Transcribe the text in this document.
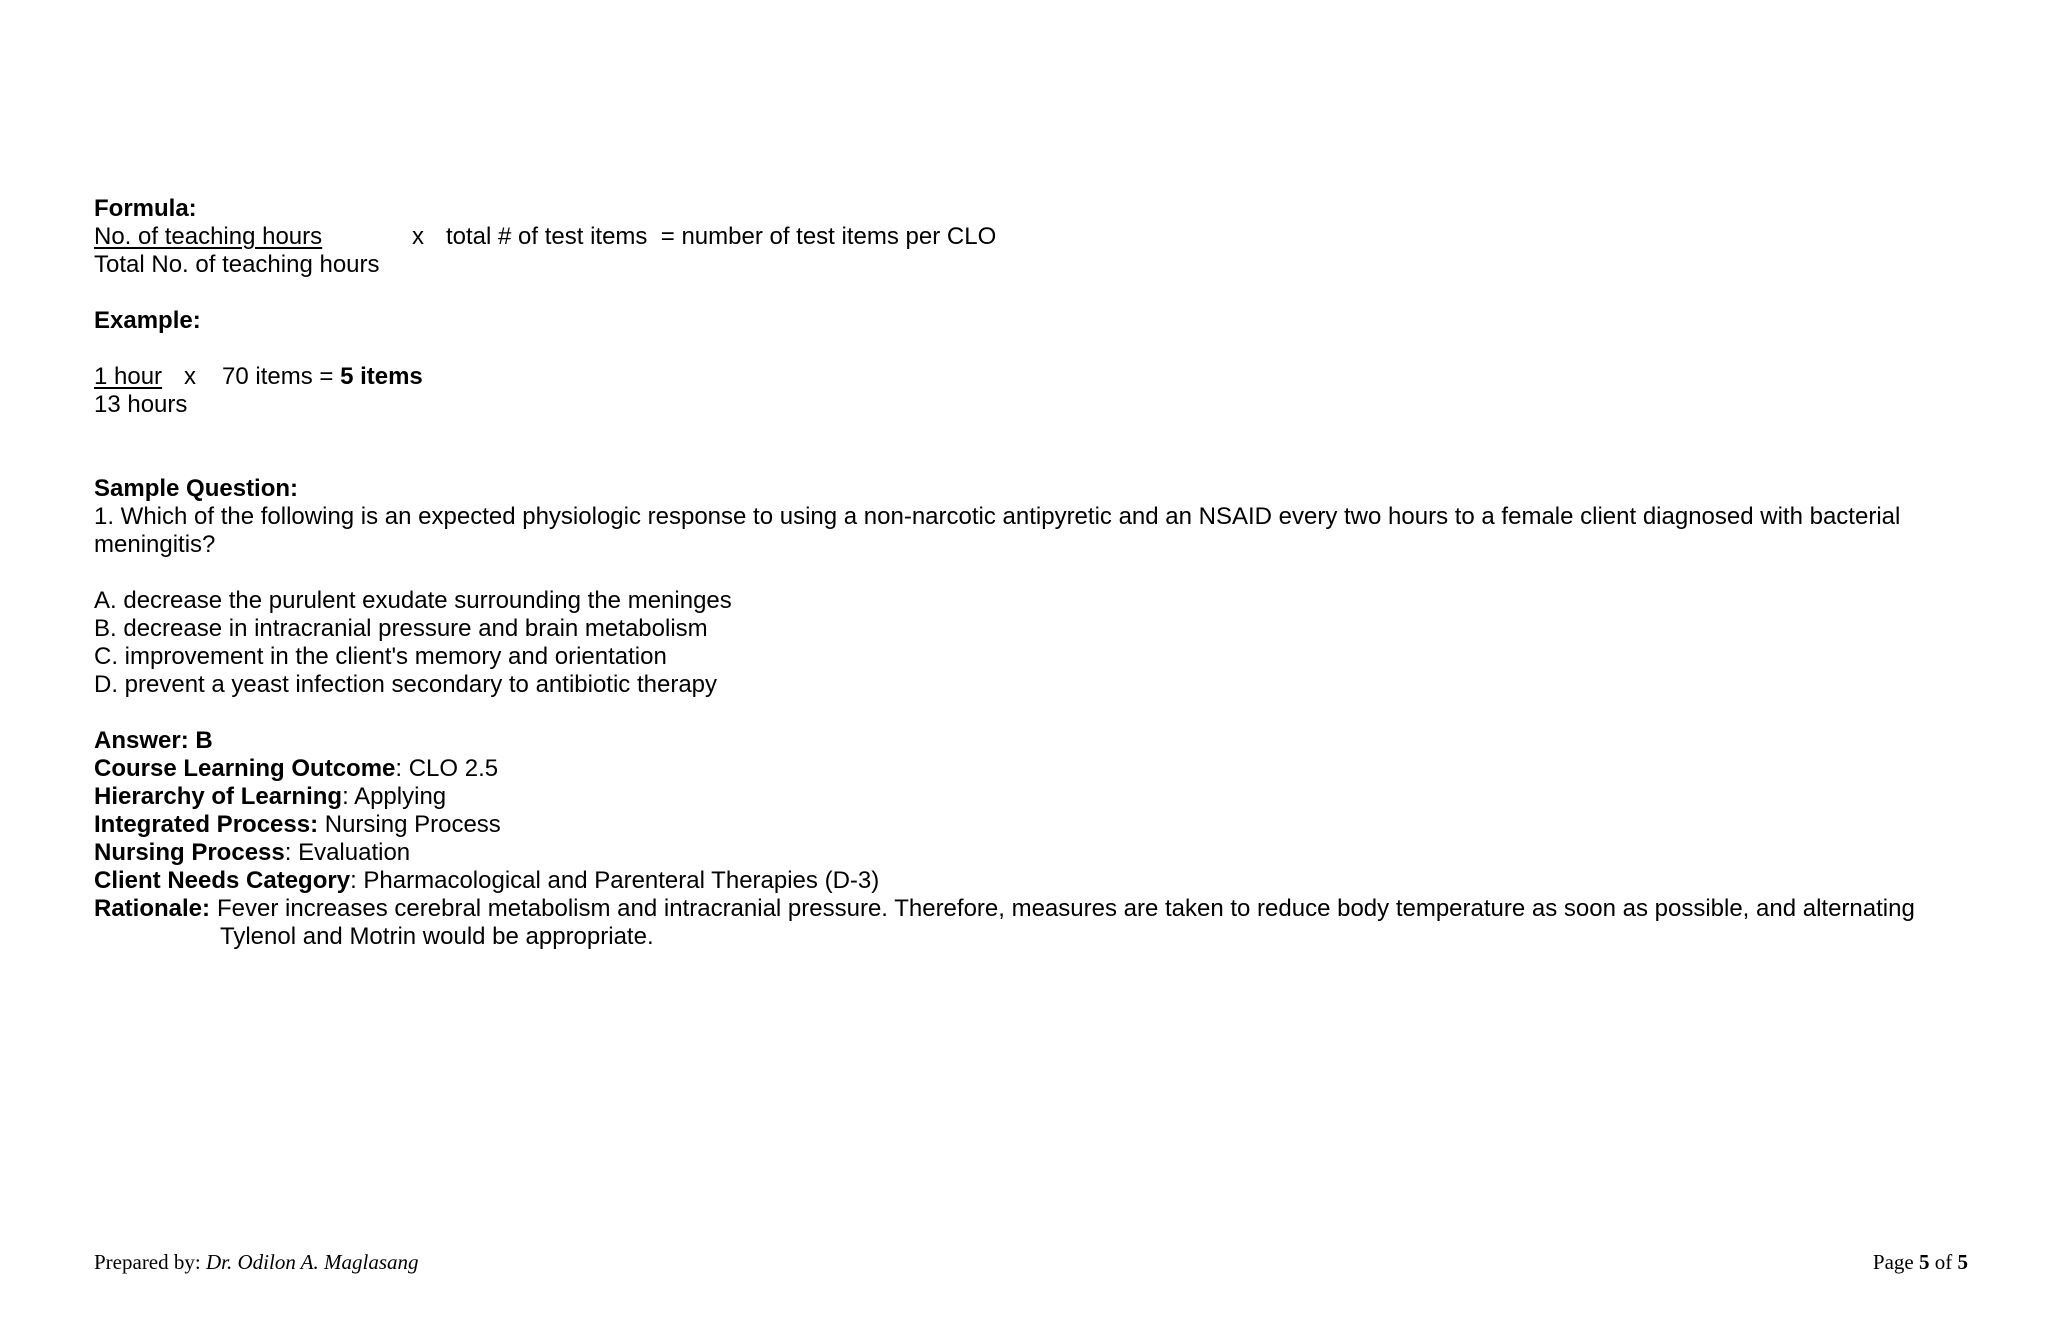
Formula:
No. of teaching hours	x total # of test items  = number of test items per CLO
Total No. of teaching hours
Example:
1 hour x 70 items = 5 items
13 hours
Sample Question:
1. Which of the following is an expected physiologic response to using a non-narcotic antipyretic and an NSAID every two hours to a female client diagnosed with bacterial meningitis?
A. decrease the purulent exudate surrounding the meninges
B. decrease in intracranial pressure and brain metabolism
C. improvement in the client's memory and orientation
D. prevent a yeast infection secondary to antibiotic therapy
Answer: B
Course Learning Outcome: CLO 2.5
Hierarchy of Learning: Applying
Integrated Process: Nursing Process
Nursing Process: Evaluation
Client Needs Category: Pharmacological and Parenteral Therapies (D-3)
Rationale: Fever increases cerebral metabolism and intracranial pressure. Therefore, measures are taken to reduce body temperature as soon as possible, and alternating
Tylenol and Motrin would be appropriate.
Prepared by: Dr. Odilon A. Maglasang	Page 5 of 5
